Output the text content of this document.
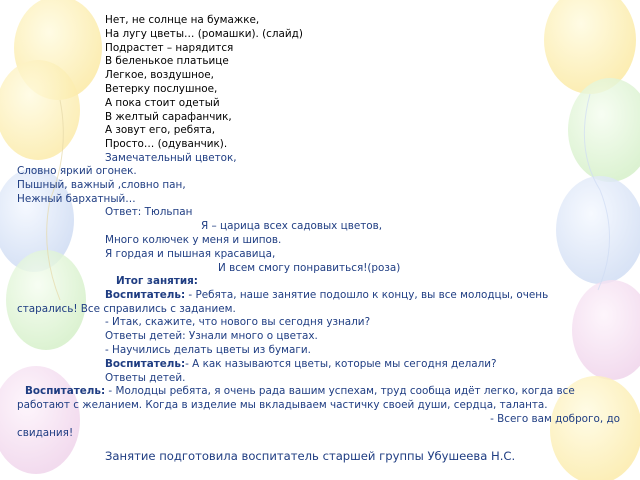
Нет, не солнце на бумажке,
На лугу цветы… (ромашки). (слайд)
Подрастет – нарядится
В беленькое платьице
Легкое, воздушное,
Ветерку послушное,
А пока стоит одетый
В желтый сарафанчик,
А зовут его, ребята,
Просто… (одуванчик).
Замечательный цветок,
Словно яркий огонек.
Пышный, важный ,словно пан,
Нежный бархатный…
Ответ: Тюльпан
Я – царица всех садовых цветов,
Много колючек у меня и шипов.
Я гордая и пышная красавица,
И всем смогу понравиться!(роза)
Итог занятия:
Воспитатель: - Ребята, наше занятие подошло к концу, вы все молодцы, очень
старались! Все справились с заданием.
- Итак, скажите, что нового вы сегодня узнали?
Ответы детей: Узнали много о цветах.
- Научились делать цветы из бумаги.
Воспитатель:- А как называются цветы, которые мы сегодня делали?
Ответы детей.
Воспитатель: - Молодцы ребята, я очень рада вашим успехам, труд сообща идёт легко, когда все
работают с желанием. Когда в изделие мы вкладываем частичку своей души, сердца, таланта.
- Всего вам доброго, до
свидания!
Занятие подготовила воспитатель старшей группы Убушеева Н.С.
